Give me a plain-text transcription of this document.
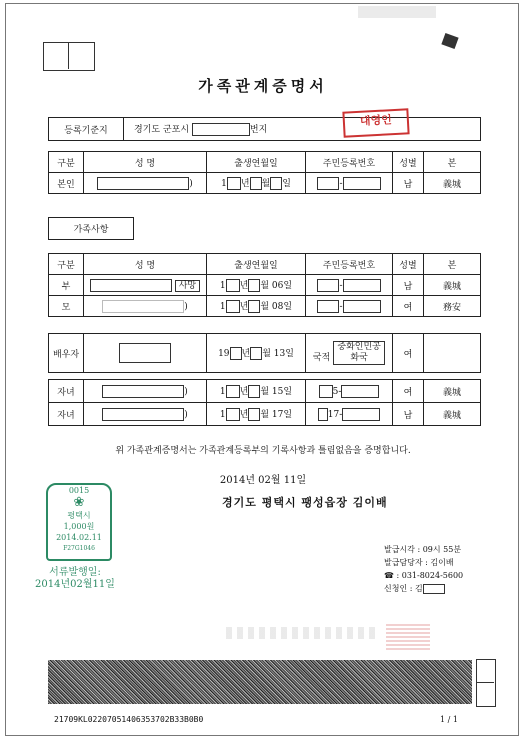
가족관계증명서
등록기준지	경기도 군포시	번지
대영인
구분	성 명	출생연월일	주민등록번호	성별	본
본인	)	1 년 월 일	-	남	義城
가족사항
구분	성 명	출생연월일	주민등록번호	성별	본
부	사망	1 년 월 06일	-	남	義城
모	)	1 년 월 08일	-	여	務安
배우자		19 년 월 13일	국적 중화인민공화국	여	
자녀	)	1 년 월 15일	5-	여	義城
자녀	)	1 년 월 17일	17-	남	義城
위 가족관계증명서는 가족관계등록부의 기록사항과 틀림없음을 증명합니다.
2014년 02월 11일
경기도 평택시 팽성읍장 김이배
0015
❀
평택시
1,000원
2014.02.11
F27G1046
서류발행일:
2014년02월11일
발급시각 : 09시 55분
발급담당자 : 김이배
☎ : 031-8024-5600
신청인 : 김
21709KL02207051406353702B33B0B0	1 / 1
